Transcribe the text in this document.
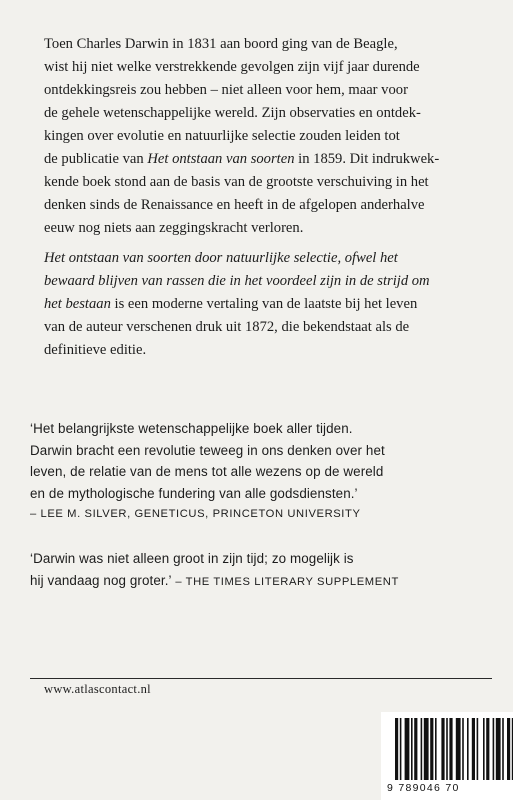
Toen Charles Darwin in 1831 aan boord ging van de Beagle,
wist hij niet welke verstrekkende gevolgen zijn vijf jaar durende
ontdekkingsreis zou hebben – niet alleen voor hem, maar voor
de gehele wetenschappelijke wereld. Zijn observaties en ontdek-
kingen over evolutie en natuurlijke selectie zouden leiden tot
de publicatie van Het ontstaan van soorten in 1859. Dit indrukwek-
kende boek stond aan de basis van de grootste verschuiving in het
denken sinds de Renaissance en heeft in de afgelopen anderhalve
eeuw nog niets aan zeggingskracht verloren.
Het ontstaan van soorten door natuurlijke selectie, ofwel het
bewaard blijven van rassen die in het voordeel zijn in de strijd om
het bestaan is een moderne vertaling van de laatste bij het leven
van de auteur verschenen druk uit 1872, die bekendstaat als de
definitieve editie.
‘Het belangrijkste wetenschappelijke boek aller tijden.
Darwin bracht een revolutie teweeg in ons denken over het
leven, de relatie van de mens tot alle wezens op de wereld
en de mythologische fundering van alle godsdiensten.’
– LEE M. SILVER, GENETICUS, PRINCETON UNIVERSITY
‘Darwin was niet alleen groot in zijn tijd; zo mogelijk is
hij vandaag nog groter.’ – THE TIMES LITERARY SUPPLEMENT
www.atlascontact.nl
9 789046 70
